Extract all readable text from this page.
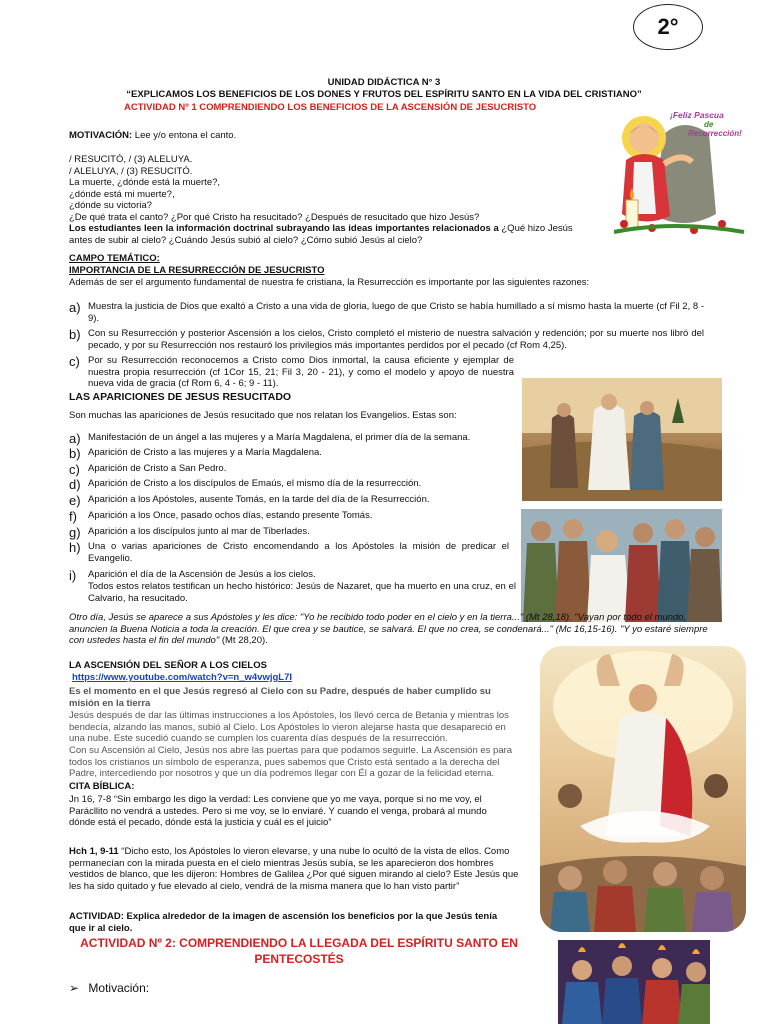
2°
UNIDAD DIDÁCTICA N° 3
“EXPLICAMOS LOS BENEFICIOS DE LOS DONES Y FRUTOS DEL ESPÍRITU SANTO EN LA VIDA DEL CRISTIANO”
ACTIVIDAD Nº 1 COMPRENDIENDO LOS BENEFICIOS DE LA ASCENSIÓN DE JESUCRISTO
¡Feliz Pascua
de
Resurrección!
MOTIVACIÓN: Lee y/o entona el canto.
/ RESUCITÓ, / (3) ALELUYA.
/ ALELUYA, / (3) RESUCITÓ.
La muerte, ¿dónde está la muerte?,
¿dónde está mi muerte?,
¿dónde su victoria?
¿De qué trata el canto? ¿Por qué Cristo ha resucitado? ¿Después de resucitado que hizo Jesús?
Los estudiantes leen la información doctrinal subrayando las ideas importantes relacionados a ¿Qué hizo Jesús antes de subir al cielo? ¿Cuándo Jesús subió al cielo? ¿Cómo subió Jesús al cielo?
CAMPO TEMÁTICO:
IMPORTANCIA DE LA RESURRECCIÓN DE JESUCRISTO
Además de ser el argumento fundamental de nuestra fe cristiana, la Resurrección es importante por las siguientes razones:
a) Muestra la justicia de Dios que exaltó a Cristo a una vida de gloria, luego de que Cristo se había humillado a sí mismo hasta la muerte (cf Fil 2, 8 - 9).
b) Con su Resurrección y posterior Ascensión a los cielos, Cristo completó el misterio de nuestra salvación y redención; por su muerte nos libró del pecado, y por su Resurrección nos restauró los privilegios más importantes perdidos por el pecado (cf Rom 4,25).
c) Por su Resurrección reconocemos a Cristo como Dios inmortal, la causa eficiente y ejemplar de nuestra propia resurrección (cf 1Cor 15, 21; Fil 3, 20 - 21), y como el modelo y apoyo de nuestra nueva vida de gracia (cf Rom 6, 4 - 6; 9 - 11).
LAS APARICIONES DE JESUS RESUCITADO
Son muchas las apariciones de Jesús resucitado que nos relatan los Evangelios. Estas son:
a) Manifestación de un ángel a las mujeres y a María Magdalena, el primer día de la semana.
b) Aparición de Cristo a las mujeres y a María Magdalena.
c) Aparición de Cristo a San Pedro.
d) Aparición de Cristo a los discípulos de Emaús, el mismo día de la resurrección.
e) Aparición a los Apóstoles, ausente Tomás, en la tarde del día de la Resurrección.
f) Aparición a los Once, pasado ochos días, estando presente Tomás.
g) Aparición a los discípulos junto al mar de Tiberlades.
h) Una o varias apariciones de Cristo encomendando a los Apóstoles la misión de predicar el Evangelio.
i) Aparición el día de la Ascensión de Jesús a los cielos.
Todos estos relatos testifican un hecho histórico: Jesús de Nazaret, que ha muerto en una cruz, en el Calvario, ha resucitado.
Otro día, Jesús se aparece a sus Apóstoles y les dice: "Yo he recibido todo poder en el cielo y en la tierra..." (Mt 28,18). "Vayan por todo el mundo, anuncien la Buena Noticia a toda la creación. El que crea y se bautice, se salvará. El que no crea, se condenará..." (Mc 16,15-16). "Y yo estaré siempre con ustedes hasta el fin del mundo" (Mt 28,20).
LA ASCENSIÓN DEL SEÑOR A LOS CIELOS
https://www.youtube.com/watch?v=n_w4vwjgL7I
Es el momento en el que Jesús regresó al Cielo con su Padre, después de haber cumplido su misión en la tierra
Jesús después de dar las últimas instrucciones a los Apóstoles, los llevó cerca de Betania y mientras los bendecía, alzando las manos, subió al Cielo. Los Apóstoles lo vieron alejarse hasta que desapareció en una nube. Este sucedió cuando se cumplen los cuarenta días después de la resurrección.
Con su Ascensión al Cielo, Jesús nos abre las puertas para que podamos seguirle. La Ascensión es para todos los cristianos un símbolo de esperanza, pues sabemos que Cristo está sentado a la derecha del Padre, intercediendo por nosotros y que un día podremos llegar con Él a gozar de la felicidad eterna.
CITA BÍBLICA:
Jn 16, 7-8 “Sin embargo les digo la verdad: Les conviene que yo me vaya, porque si no me voy, el Parácllito no vendrá a ustedes. Pero si me voy, se lo enviaré. Y cuando el venga, probará al mundo dónde está el pecado, dónde está la justicia y cuál es el juicio”
Hch 1, 9-11 “Dicho esto, los Apóstoles lo vieron elevarse, y una nube lo ocultó de la vista de ellos. Como permanecían con la mirada puesta en el cielo mientras Jesús subía, se les aparecieron dos hombres vestidos de blanco, que les dijeron: Hombres de Galilea ¿Por qué siguen mirando al cielo? Este Jesús que les ha sido quitado y fue elevado al cielo, vendrá de la misma manera que lo han visto partir”
ACTIVIDAD: Explica alrededor de la imagen de ascensión los beneficios por la que Jesús tenía que ir al cielo.
ACTIVIDAD Nº 2: COMPRENDIENDO LA LLEGADA DEL ESPÍRITU SANTO EN PENTECOSTÉS
➢ Motivación:
